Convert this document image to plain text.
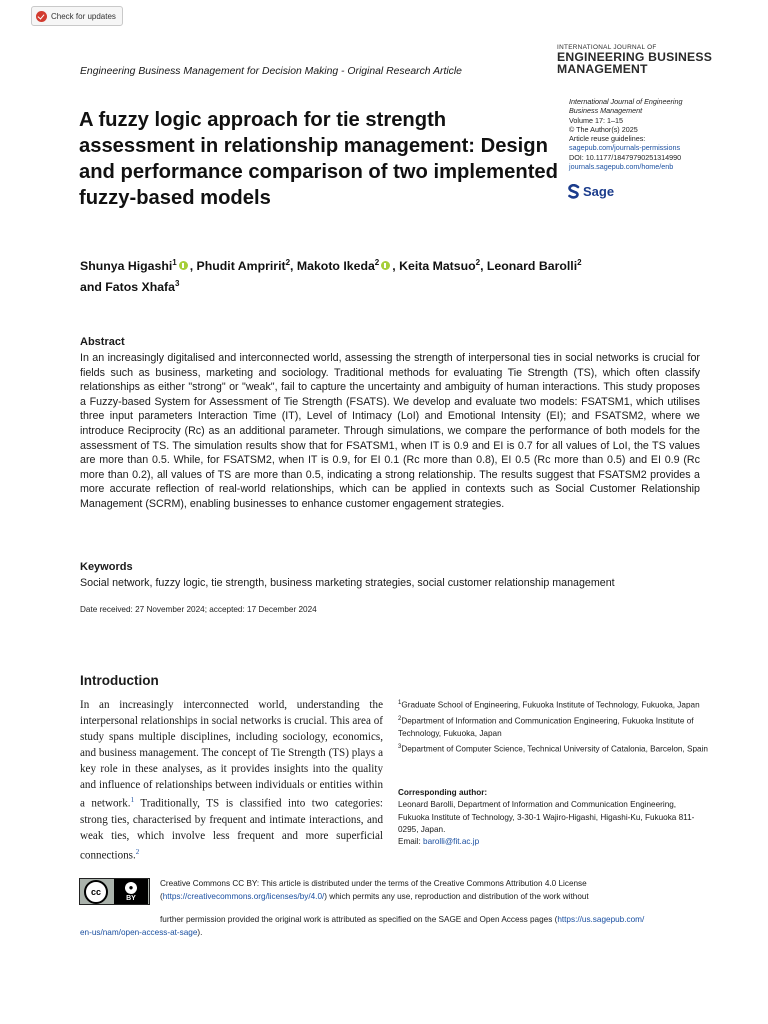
Check for updates
INTERNATIONAL JOURNAL OF
ENGINEERING BUSINESS
MANAGEMENT
Engineering Business Management for Decision Making - Original Research Article
A fuzzy logic approach for tie strength assessment in relationship management: Design and performance comparison of two implemented fuzzy-based models
International Journal of Engineering
Business Management
Volume 17: 1–15
© The Author(s) 2025
Article reuse guidelines:
sagepub.com/journals-permissions
DOI: 10.1177/18479790251314990
journals.sagepub.com/home/enb
Sage
Shunya Higashi$^1$ , Phudit Ampririt$^2$, Makoto Ikeda$^2$ , Keita Matsuo$^2$, Leonard Barolli$^2$
and Fatos Xhafa$^3$
Abstract
In an increasingly digitalised and interconnected world, assessing the strength of interpersonal ties in social networks is crucial for fields such as business, marketing and sociology. Traditional methods for evaluating Tie Strength (TS), which often classify relationships as either "strong" or "weak", fail to capture the uncertainty and ambiguity of human interactions. This study proposes a Fuzzy-based System for Assessment of Tie Strength (FSATS). We develop and evaluate two models: FSATSM1, which utilises three input parameters Interaction Time (IT), Level of Intimacy (LoI) and Emotional Intensity (EI); and FSATSM2, where we introduce Reciprocity (Rc) as an additional parameter. Through simulations, we compare the performance of both models for the assessment of TS. The simulation results show that for FSATSM1, when IT is 0.9 and EI is 0.7 for all values of LoI, the TS values are more than 0.5. While, for FSATSM2, when IT is 0.9, for EI 0.1 (Rc more than 0.8), EI 0.5 (Rc more than 0.5) and EI 0.9 (Rc more than 0.2), all values of TS are more than 0.5, indicating a strong relationship. The results suggest that FSATSM2 provides a more accurate reflection of real-world relationships, which can be applied in contexts such as Social Customer Relationship Management (SCRM), enabling businesses to enhance customer engagement strategies.
Keywords
Social network, fuzzy logic, tie strength, business marketing strategies, social customer relationship management
Date received: 27 November 2024; accepted: 17 December 2024
Introduction
In an increasingly interconnected world, understanding the interpersonal relationships in social networks is crucial. This area of study spans multiple disciplines, including sociology, economics, and business management. The concept of Tie Strength (TS) plays a key role in these analyses, as it provides insights into the quality and influence of relationships between individuals or entities within a network.$^1$ Traditionally, TS is classified into two categories: strong ties, characterised by frequent and intimate interactions, and weak ties, which involve less frequent and more superficial connections.$^2$

$^1$Graduate School of Engineering, Fukuoka Institute of Technology, Fukuoka, Japan

$^2$Department of Information and Communication Engineering, Fukuoka Institute of Technology, Fukuoka, Japan

$^3$Department of Computer Science, Technical University of Catalonia, Barcelon, Spain

Corresponding author:
Leonard Barolli, Department of Information and Communication Engineering, Fukuoka Institute of Technology, 3-30-1 Wajiro-Higashi, Higashi-Ku, Fukuoka 811-0295, Japan.
Email: barolli@fit.ac.jp
cc	●
BY
Creative Commons CC BY: This article is distributed under the terms of the Creative Commons Attribution 4.0 License
(https://creativecommons.org/licenses/by/4.0/) which permits any use, reproduction and distribution of the work without
further permission provided the original work is attributed as specified on the SAGE and Open Access pages (https://us.sagepub.com/
en-us/nam/open-access-at-sage).
